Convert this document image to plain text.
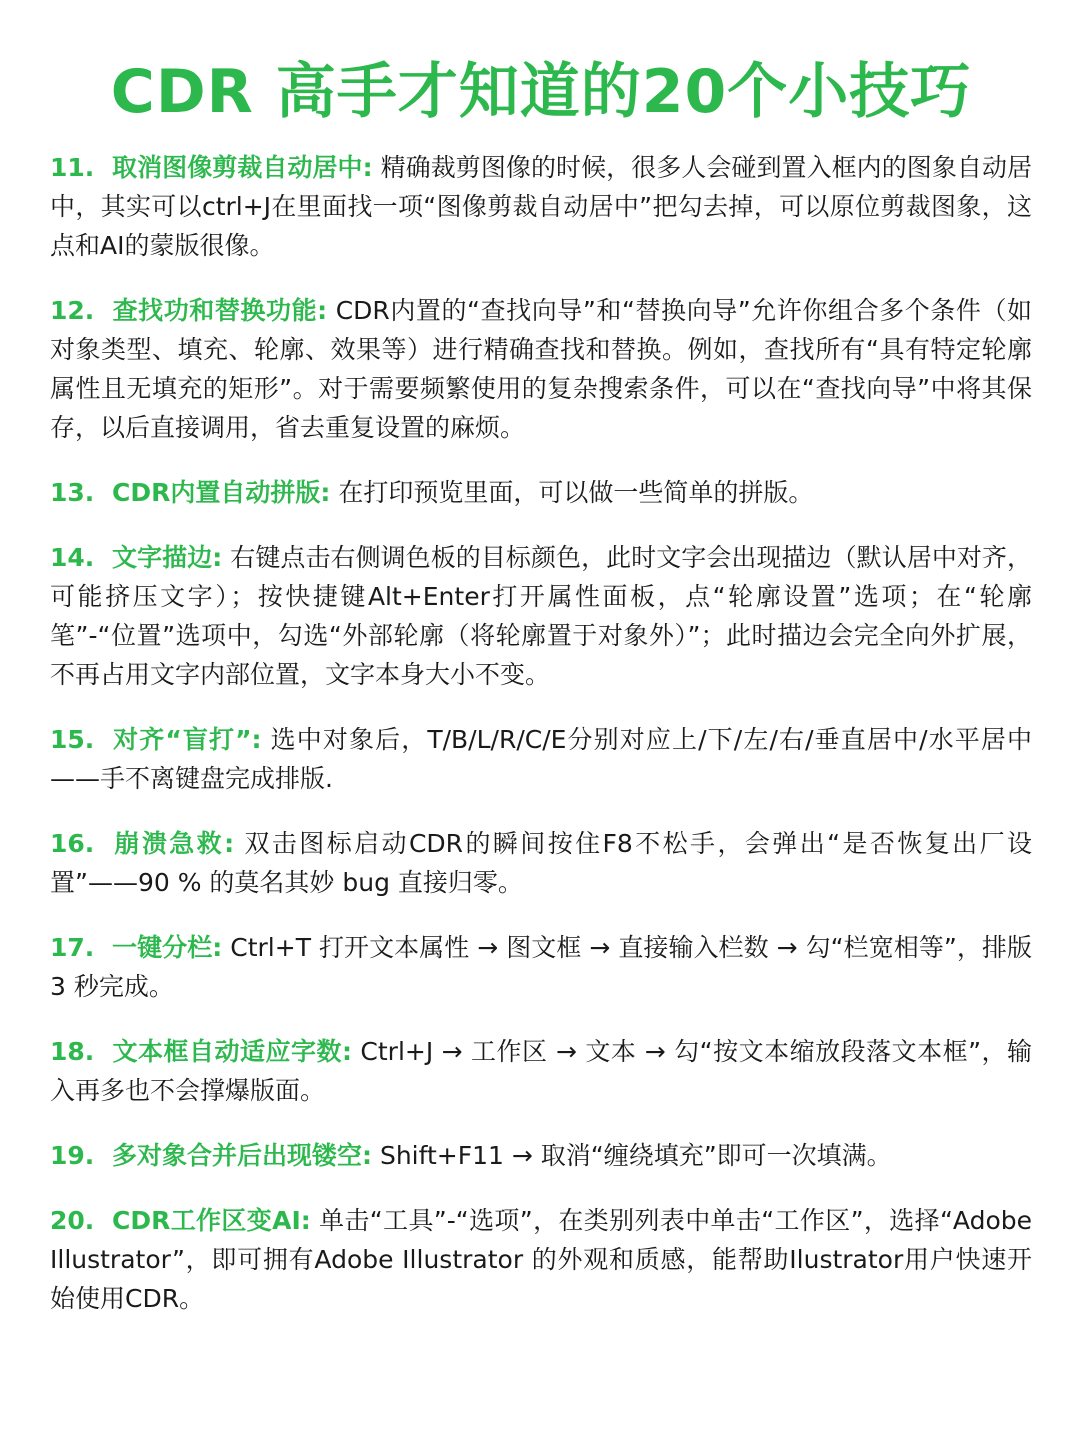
CDR 高手才知道的20个小技巧
11. 取消图像剪裁自动居中: 精确裁剪图像的时候，很多人会碰到置入框内的图象自动居中，其实可以ctrl+J在里面找一项“图像剪裁自动居中”把勾去掉，可以原位剪裁图象，这点和AI的蒙版很像。
12. 查找功和替换功能: CDR内置的“查找向导”和“替换向导”允许你组合多个条件（如对象类型、填充、轮廓、效果等）进行精确查找和替换。例如，查找所有“具有特定轮廓属性且无填充的矩形”。对于需要频繁使用的复杂搜索条件，可以在“查找向导”中将其保存，以后直接调用，省去重复设置的麻烦。
13. CDR内置自动拼版: 在打印预览里面，可以做一些简单的拼版。
14. 文字描边: 右键点击右侧调色板的目标颜色，此时文字会出现描边（默认居中对齐，可能挤压文字）；按快捷键Alt+Enter打开属性面板，点“轮廓设置”选项；在“轮廓笔”-“位置”选项中，勾选“外部轮廓（将轮廓置于对象外）”；此时描边会完全向外扩展，不再占用文字内部位置，文字本身大小不变。
15. 对齐“盲打”: 选中对象后，T/B/L/R/C/E分别对应上/下/左/右/垂直居中/水平居中——手不离键盘完成排版.
16. 崩溃急救: 双击图标启动CDR的瞬间按住F8不松手，会弹出“是否恢复出厂设置”——90 % 的莫名其妙 bug 直接归零。
17. 一键分栏: Ctrl+T 打开文本属性 → 图文框 → 直接输入栏数 → 勾“栏宽相等”，排版 3 秒完成。
18. 文本框自动适应字数: Ctrl+J → 工作区 → 文本 → 勾“按文本缩放段落文本框”，输入再多也不会撑爆版面。
19. 多对象合并后出现镂空: Shift+F11 → 取消“缠绕填充”即可一次填满。
20. CDR工作区变AI: 单击“工具”-“选项”，在类别列表中单击“工作区”，选择“Adobe Illustrator”，即可拥有Adobe Illustrator 的外观和质感，能帮助Ilustrator用户快速开始使用CDR。
